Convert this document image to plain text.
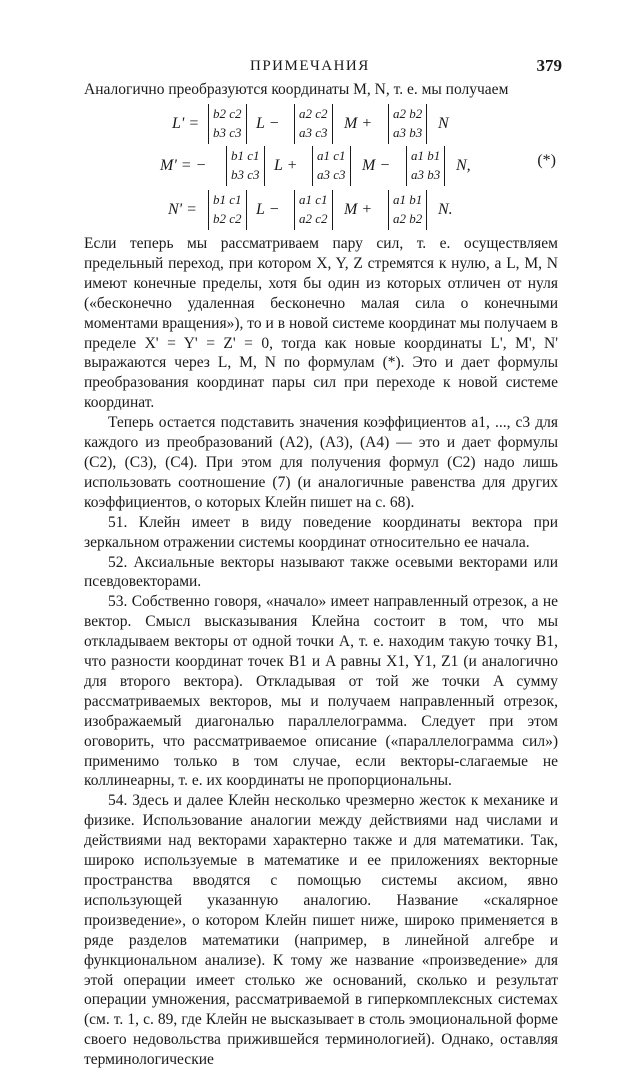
ПРИМЕЧАНИЯ	379

Аналогично преобразуются координаты M, N, т. е. мы получаем

L' =
b2 c2
b3 c3
L −
a2 c2
a3 c3
M +
a2 b2
a3 b3
N
M' = −
b1 c1
b3 c3
L +
a1 c1
a3 c3
M −
a1 b1
a3 b3
N,	(*)
N' =
b1 c1
b2 c2
L −
a1 c1
a2 c2
M +
a1 b1
a2 b2
N.

Если теперь мы рассматриваем пару сил, т. е. осуществляем предельный переход, при котором X, Y, Z стремятся к нулю, а L, M, N имеют конечные пределы, хотя бы один из которых отличен от нуля («бесконечно удаленная бесконечно малая сила о конечными моментами вращения»), то и в новой системе координат мы получаем в пределе X' = Y' = Z' = 0, тогда как новые координаты L', M', N' выражаются через L, M, N по формулам (*). Это и дает формулы преобразования координат пары сил при переходе к новой системе координат.

Теперь остается подставить значения коэффициентов a1, ..., c3 для каждого из преобразований (A2), (A3), (A4) — это и дает формулы (C2), (C3), (C4). При этом для получения формул (C2) надо лишь использовать соотношение (7) (и аналогичные равенства для других коэффициентов, о которых Клейн пишет на с. 68).

51. Клейн имеет в виду поведение координаты вектора при зеркальном отражении системы координат относительно ее начала.

52. Аксиальные векторы называют также осевыми векторами или псевдовекторами.

53. Собственно говоря, «начало» имеет направленный отрезок, а не вектор. Смысл высказывания Клейна состоит в том, что мы откладываем векторы от одной точки A, т. е. находим такую точку B1, что разности координат точек B1 и A равны X1, Y1, Z1 (и аналогично для второго вектора). Откладывая от той же точки A сумму рассматриваемых векторов, мы и получаем направленный отрезок, изображаемый диагональю параллелограмма. Следует при этом оговорить, что рассматриваемое описание («параллелограмма сил») применимо только в том случае, если векторы-слагаемые не коллинеарны, т. е. их координаты не пропорциональны.

54. Здесь и далее Клейн несколько чрезмерно жесток к механике и физике. Использование аналогии между действиями над числами и действиями над векторами характерно также и для математики. Так, широко используемые в математике и ее приложениях векторные пространства вводятся с помощью системы аксиом, явно использующей указанную аналогию. Название «скалярное произведение», о котором Клейн пишет ниже, широко применяется в ряде разделов математики (например, в линейной алгебре и функциональном анализе). К тому же название «произведение» для этой операции имеет столько же оснований, сколько и результат операции умножения, рассматриваемой в гиперкомплексных системах (см. т. 1, с. 89, где Клейн не высказывает в столь эмоциональной форме своего недовольства прижившейся терминологией). Однако, оставляя терминологические
